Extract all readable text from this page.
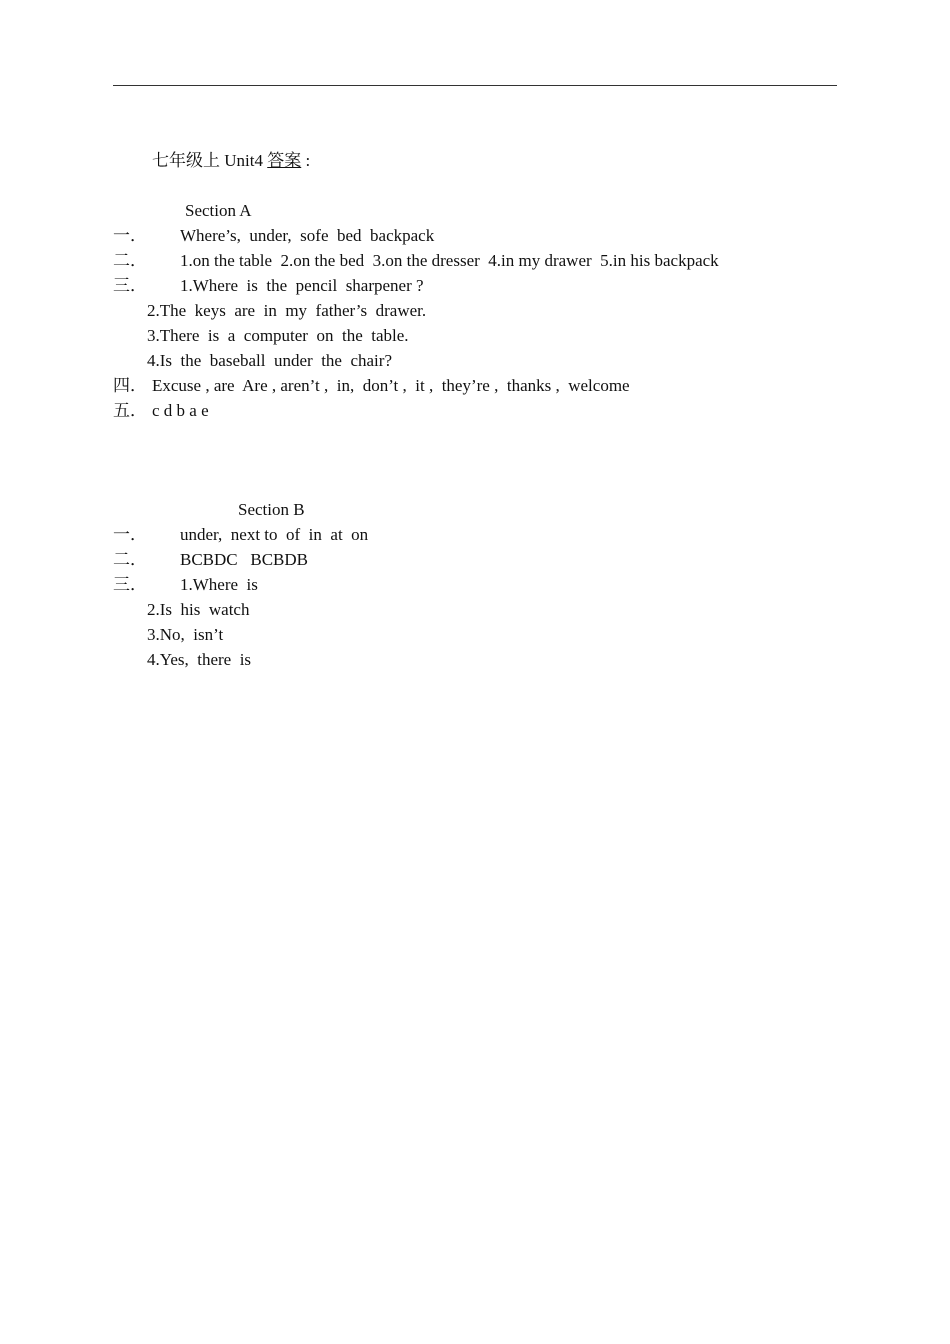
七年级上 Unit4 答案 :
Section A
一． Where’s,  under,  sofe  bed  backpack
二． 1.on the table  2.on the bed  3.on the dresser  4.in my drawer  5.in his backpack
三． 1.Where  is  the  pencil  sharpener ?
2.The  keys  are  in  my  father’s  drawer.
3.There  is  a  computer  on  the  table.
4.Is  the  baseball  under  the  chair?
四． Excuse , are  Are , aren’t ,  in,  don’t ,  it ,  they’re ,  thanks ,  welcome
五． c d b a e
Section B
一． under,  next to  of  in  at  on
二． BCBDC   BCBDB
三． 1.Where  is
2.Is  his  watch
3.No,  isn’t
4.Yes,  there  is
